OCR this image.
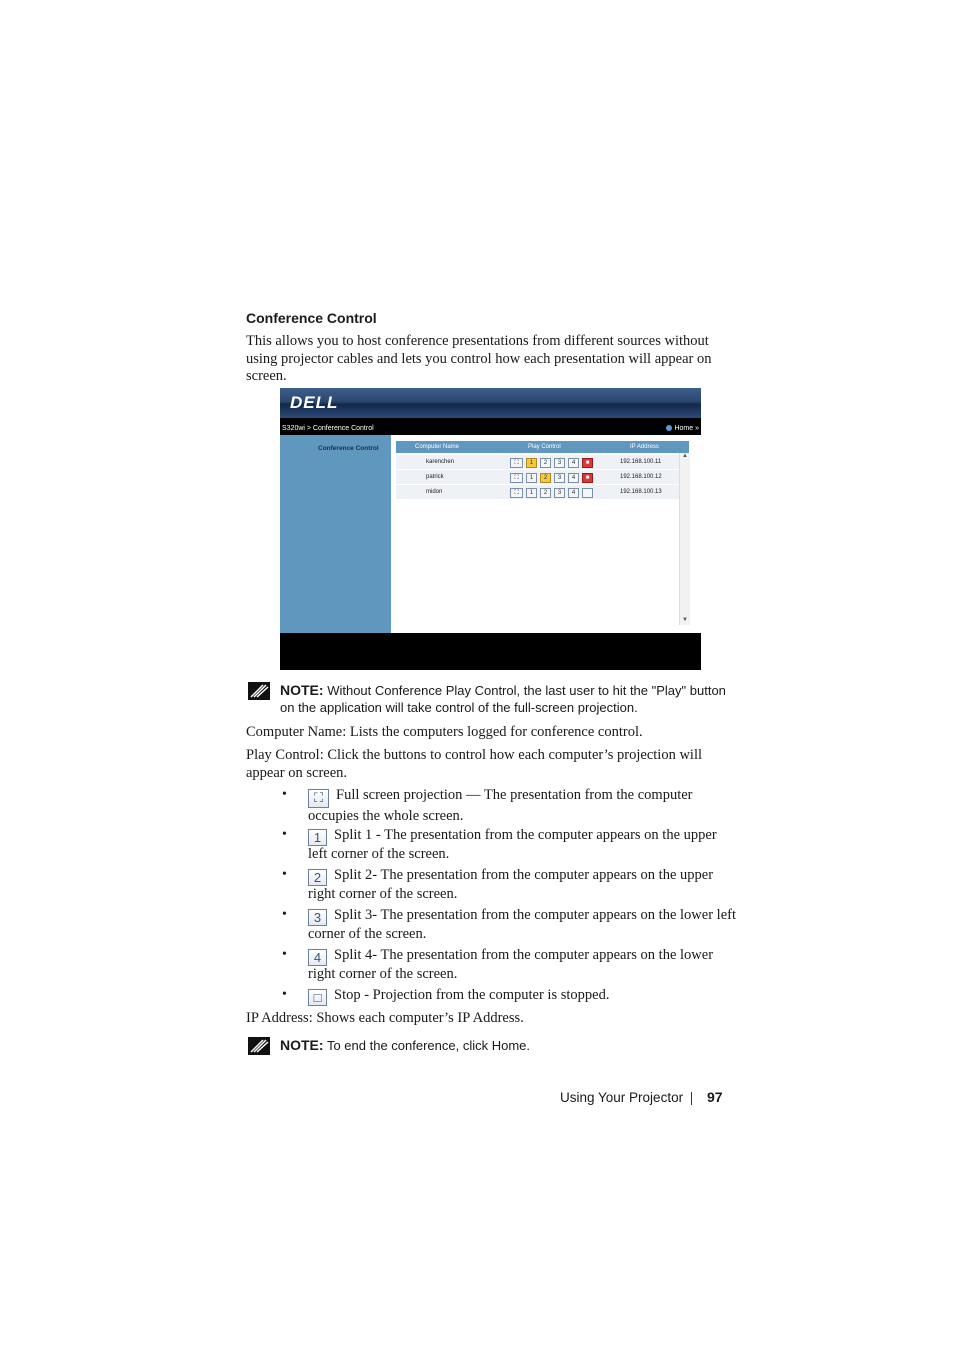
Conference Control
This allows you to host conference presentations from different sources without using projector cables and lets you control how each presentation will appear on screen.
DELL
S320wi > Conference Control	Home »
Conference Control	Computer Name	Play Control	IP Address
karenchen	⛶	1	2	3	4	■	192.168.100.11
patrick	⛶	1	2	3	4	■	192.168.100.12
midon	⛶	1	2	3	4	192.168.100.13
▲
▼
NOTE: Without Conference Play Control, the last user to hit the "Play" button on the application will take control of the full-screen projection.
Computer Name: Lists the computers logged for conference control.
Play Control: Click the buttons to control how each computer’s projection will appear on screen.
•	⛶ Full screen projection — The presentation from the computer occupies the whole screen.
•	1 Split 1 - The presentation from the computer appears on the upper left corner of the screen.
•	2 Split 2- The presentation from the computer appears on the upper right corner of the screen.
•	3 Split 3- The presentation from the computer appears on the lower left corner of the screen.
•	4 Split 4- The presentation from the computer appears on the lower right corner of the screen.
•	□ Stop - Projection from the computer is stopped.
IP Address: Shows each computer’s IP Address.
NOTE: To end the conference, click Home.
Using Your Projector 97
